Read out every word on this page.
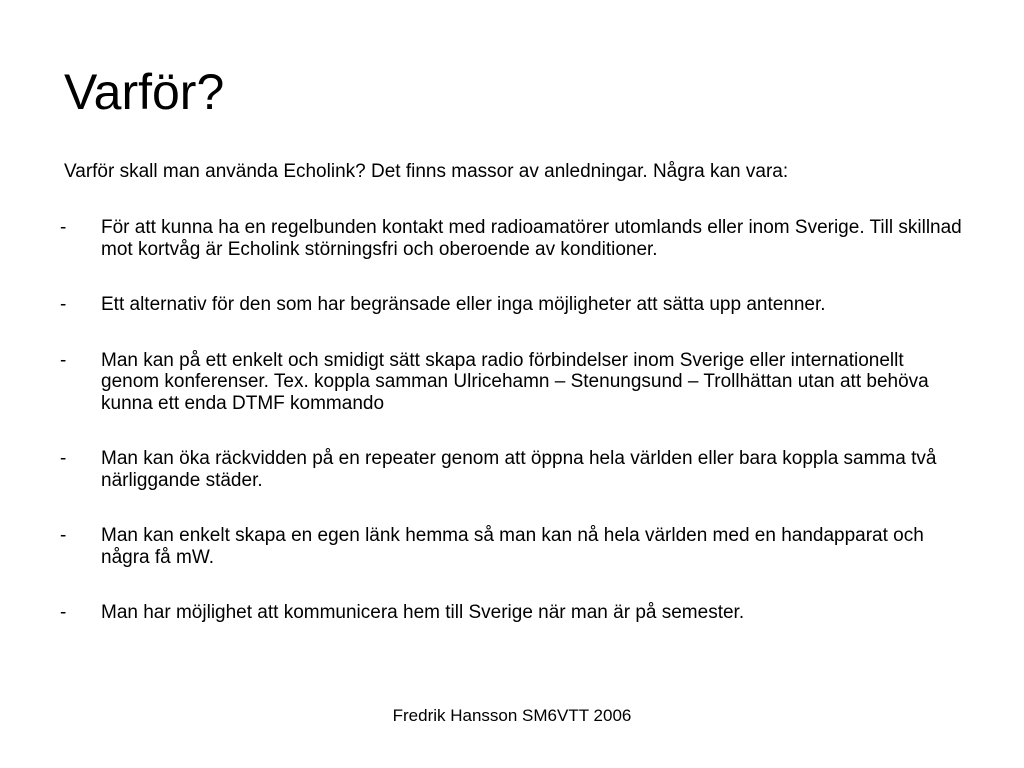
Varför?

Varför skall man använda Echolink? Det finns massor av anledningar. Några kan vara:

- För att kunna ha en regelbunden kontakt med radioamatörer utomlands eller inom Sverige. Till skillnad mot kortvåg är Echolink störningsfri och oberoende av konditioner.
- Ett alternativ för den som har begränsade eller inga möjligheter att sätta upp antenner.
- Man kan på ett enkelt och smidigt sätt skapa radio förbindelser inom Sverige eller internationellt genom konferenser. Tex. koppla samman Ulricehamn – Stenungsund – Trollhättan utan att behöva kunna ett enda DTMF kommando
- Man kan öka räckvidden på en repeater genom att öppna hela världen eller bara koppla samma två närliggande städer.
- Man kan enkelt skapa en egen länk hemma så man kan nå hela världen med en handapparat och några få mW.
- Man har möjlighet att kommunicera hem till Sverige när man är på semester.
Fredrik Hansson SM6VTT 2006
